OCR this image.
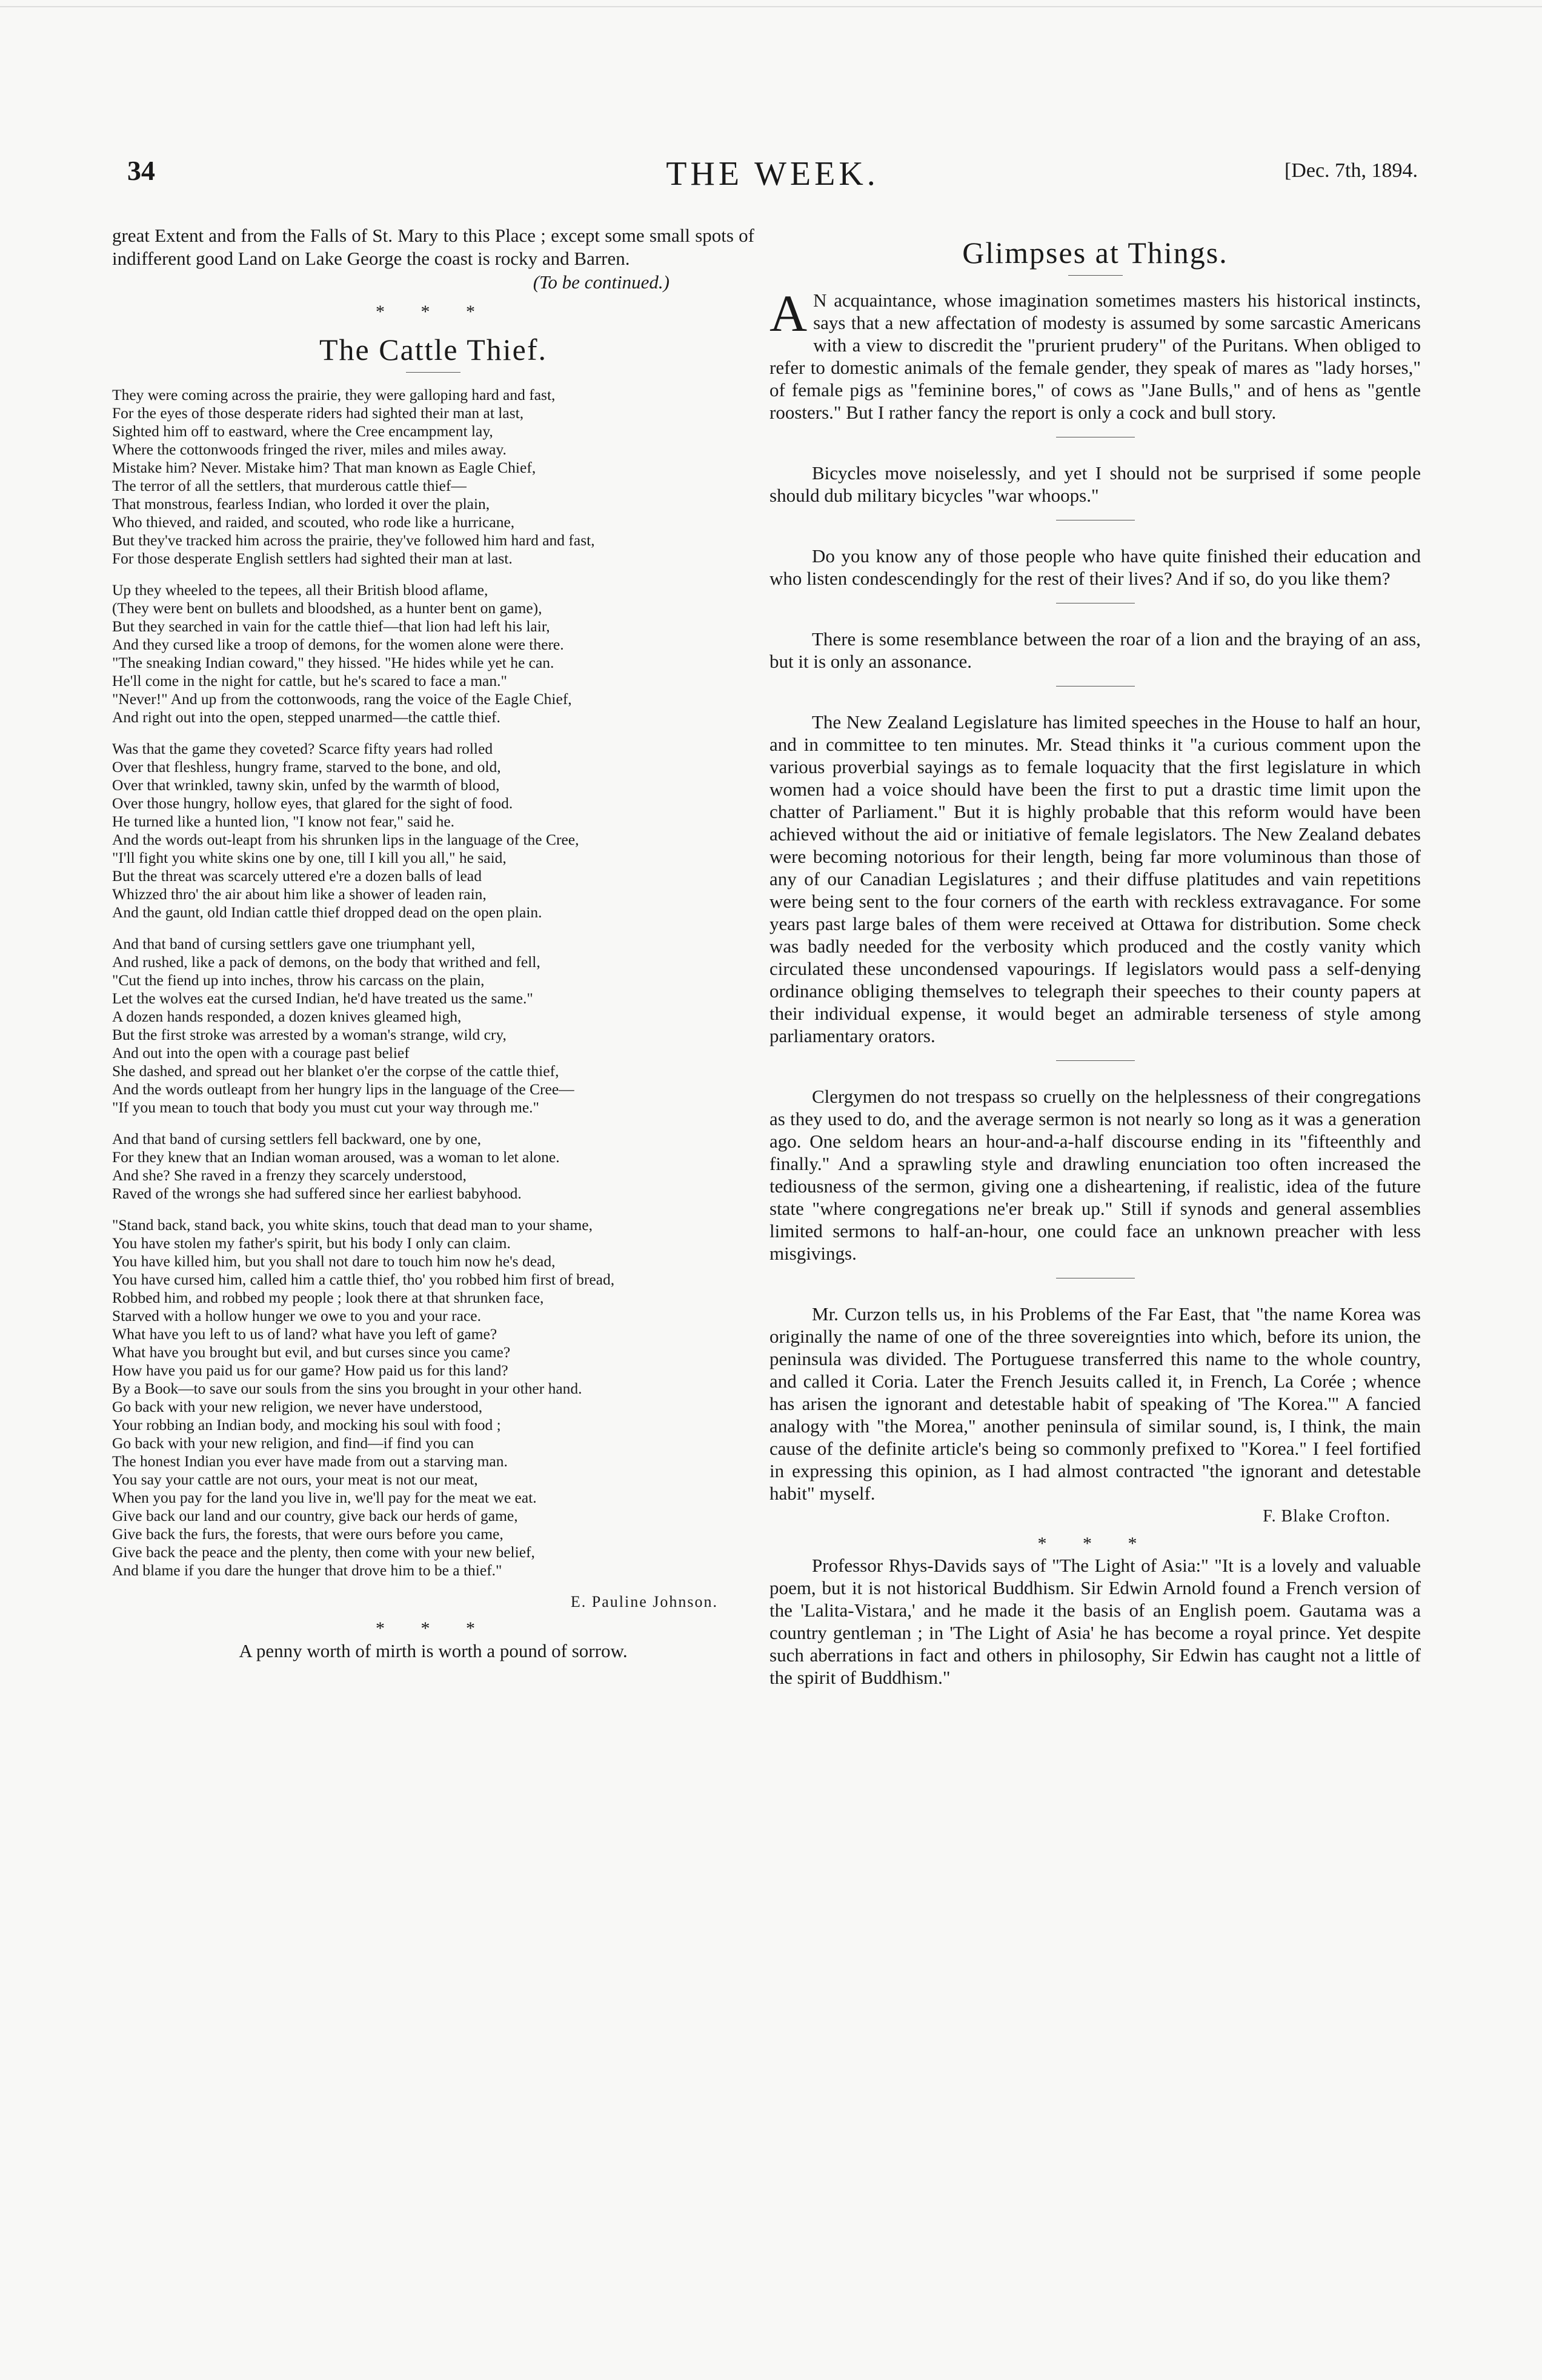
34	THE WEEK.	[Dec. 7th, 1894.

great Extent and from the Falls of St. Mary to this Place ; except some small spots of indifferent good Land on Lake George the coast is rocky and Barren.

(To be continued.)

* * *
The Cattle Thief.

They were coming across the prairie, they were galloping hard and fast,

For the eyes of those desperate riders had sighted their man at last,

Sighted him off to eastward, where the Cree encampment lay,

Where the cottonwoods fringed the river, miles and miles away.

Mistake him? Never. Mistake him? That man known as Eagle Chief,

The terror of all the settlers, that murderous cattle thief—

That monstrous, fearless Indian, who lorded it over the plain,

Who thieved, and raided, and scouted, who rode like a hurricane,

But they've tracked him across the prairie, they've followed him hard and fast,

For those desperate English settlers had sighted their man at last.

Up they wheeled to the tepees, all their British blood aflame,

(They were bent on bullets and bloodshed, as a hunter bent on game),

But they searched in vain for the cattle thief—that lion had left his lair,

And they cursed like a troop of demons, for the women alone were there.

"The sneaking Indian coward," they hissed. "He hides while yet he can.

He'll come in the night for cattle, but he's scared to face a man."

"Never!" And up from the cottonwoods, rang the voice of the Eagle Chief,

And right out into the open, stepped unarmed—the cattle thief.

Was that the game they coveted? Scarce fifty years had rolled

Over that fleshless, hungry frame, starved to the bone, and old,

Over that wrinkled, tawny skin, unfed by the warmth of blood,

Over those hungry, hollow eyes, that glared for the sight of food.

He turned like a hunted lion, "I know not fear," said he.

And the words out-leapt from his shrunken lips in the language of the Cree,

"I'll fight you white skins one by one, till I kill you all," he said,

But the threat was scarcely uttered e're a dozen balls of lead

Whizzed thro' the air about him like a shower of leaden rain,

And the gaunt, old Indian cattle thief dropped dead on the open plain.

And that band of cursing settlers gave one triumphant yell,

And rushed, like a pack of demons, on the body that writhed and fell,

"Cut the fiend up into inches, throw his carcass on the plain,

Let the wolves eat the cursed Indian, he'd have treated us the same."

A dozen hands responded, a dozen knives gleamed high,

But the first stroke was arrested by a woman's strange, wild cry,

And out into the open with a courage past belief

She dashed, and spread out her blanket o'er the corpse of the cattle thief,

And the words outleapt from her hungry lips in the language of the Cree—

"If you mean to touch that body you must cut your way through me."

And that band of cursing settlers fell backward, one by one,

For they knew that an Indian woman aroused, was a woman to let alone.

And she? She raved in a frenzy they scarcely understood,

Raved of the wrongs she had suffered since her earliest babyhood.

"Stand back, stand back, you white skins, touch that dead man to your shame,

You have stolen my father's spirit, but his body I only can claim.

You have killed him, but you shall not dare to touch him now he's dead,

You have cursed him, called him a cattle thief, tho' you robbed him first of bread,

Robbed him, and robbed my people ; look there at that shrunken face,

Starved with a hollow hunger we owe to you and your race.

What have you left to us of land? what have you left of game?

What have you brought but evil, and but curses since you came?

How have you paid us for our game? How paid us for this land?

By a Book—to save our souls from the sins you brought in your other hand.

Go back with your new religion, we never have understood,

Your robbing an Indian body, and mocking his soul with food ;

Go back with your new religion, and find—if find you can

The honest Indian you ever have made from out a starving man.

You say your cattle are not ours, your meat is not our meat,

When you pay for the land you live in, we'll pay for the meat we eat.

Give back our land and our country, give back our herds of game,

Give back the furs, the forests, that were ours before you came,

Give back the peace and the plenty, then come with your new belief,

And blame if you dare the hunger that drove him to be a thief."

E. Pauline Johnson.
* * *
A penny worth of mirth is worth a pound of sorrow.
Glimpses at Things.

A N acquaintance, whose imagination sometimes masters his historical instincts, says that a new affectation of modesty is assumed by some sarcastic Americans with a view to discredit the "prurient prudery" of the Puritans. When obliged to refer to domestic animals of the female gender, they speak of mares as "lady horses," of female pigs as "feminine bores," of cows as "Jane Bulls," and of hens as "gentle roosters." But I rather fancy the report is only a cock and bull story.

Bicycles move noiselessly, and yet I should not be surprised if some people should dub military bicycles "war whoops."

Do you know any of those people who have quite finished their education and who listen condescendingly for the rest of their lives? And if so, do you like them?

There is some resemblance between the roar of a lion and the braying of an ass, but it is only an assonance.

The New Zealand Legislature has limited speeches in the House to half an hour, and in committee to ten minutes. Mr. Stead thinks it "a curious comment upon the various proverbial sayings as to female loquacity that the first legislature in which women had a voice should have been the first to put a drastic time limit upon the chatter of Parliament." But it is highly probable that this reform would have been achieved without the aid or initiative of female legislators. The New Zealand debates were becoming notorious for their length, being far more voluminous than those of any of our Canadian Legislatures ; and their diffuse platitudes and vain repetitions were being sent to the four corners of the earth with reckless extravagance. For some years past large bales of them were received at Ottawa for distribution. Some check was badly needed for the verbosity which produced and the costly vanity which circulated these uncondensed vapourings. If legislators would pass a self-denying ordinance obliging themselves to telegraph their speeches to their county papers at their individual expense, it would beget an admirable terseness of style among parliamentary orators.

Clergymen do not trespass so cruelly on the helplessness of their congregations as they used to do, and the average sermon is not nearly so long as it was a generation ago. One seldom hears an hour-and-a-half discourse ending in its "fifteenthly and finally." And a sprawling style and drawling enunciation too often increased the tediousness of the sermon, giving one a disheartening, if realistic, idea of the future state "where congregations ne'er break up." Still if synods and general assemblies limited sermons to half-an-hour, one could face an unknown preacher with less misgivings.

Mr. Curzon tells us, in his Problems of the Far East, that "the name Korea was originally the name of one of the three sovereignties into which, before its union, the peninsula was divided. The Portuguese transferred this name to the whole country, and called it Coria. Later the French Jesuits called it, in French, La Corée ; whence has arisen the ignorant and detestable habit of speaking of 'The Korea.'" A fancied analogy with "the Morea," another peninsula of similar sound, is, I think, the main cause of the definite article's being so commonly prefixed to "Korea." I feel fortified in expressing this opinion, as I had almost contracted "the ignorant and detestable habit" myself.

F. Blake Crofton.
* * *

Professor Rhys-Davids says of "The Light of Asia:" "It is a lovely and valuable poem, but it is not historical Buddhism. Sir Edwin Arnold found a French version of the 'Lalita-Vistara,' and he made it the basis of an English poem. Gautama was a country gentleman ; in 'The Light of Asia' he has become a royal prince. Yet despite such aberrations in fact and others in philosophy, Sir Edwin has caught not a little of the spirit of Buddhism."
